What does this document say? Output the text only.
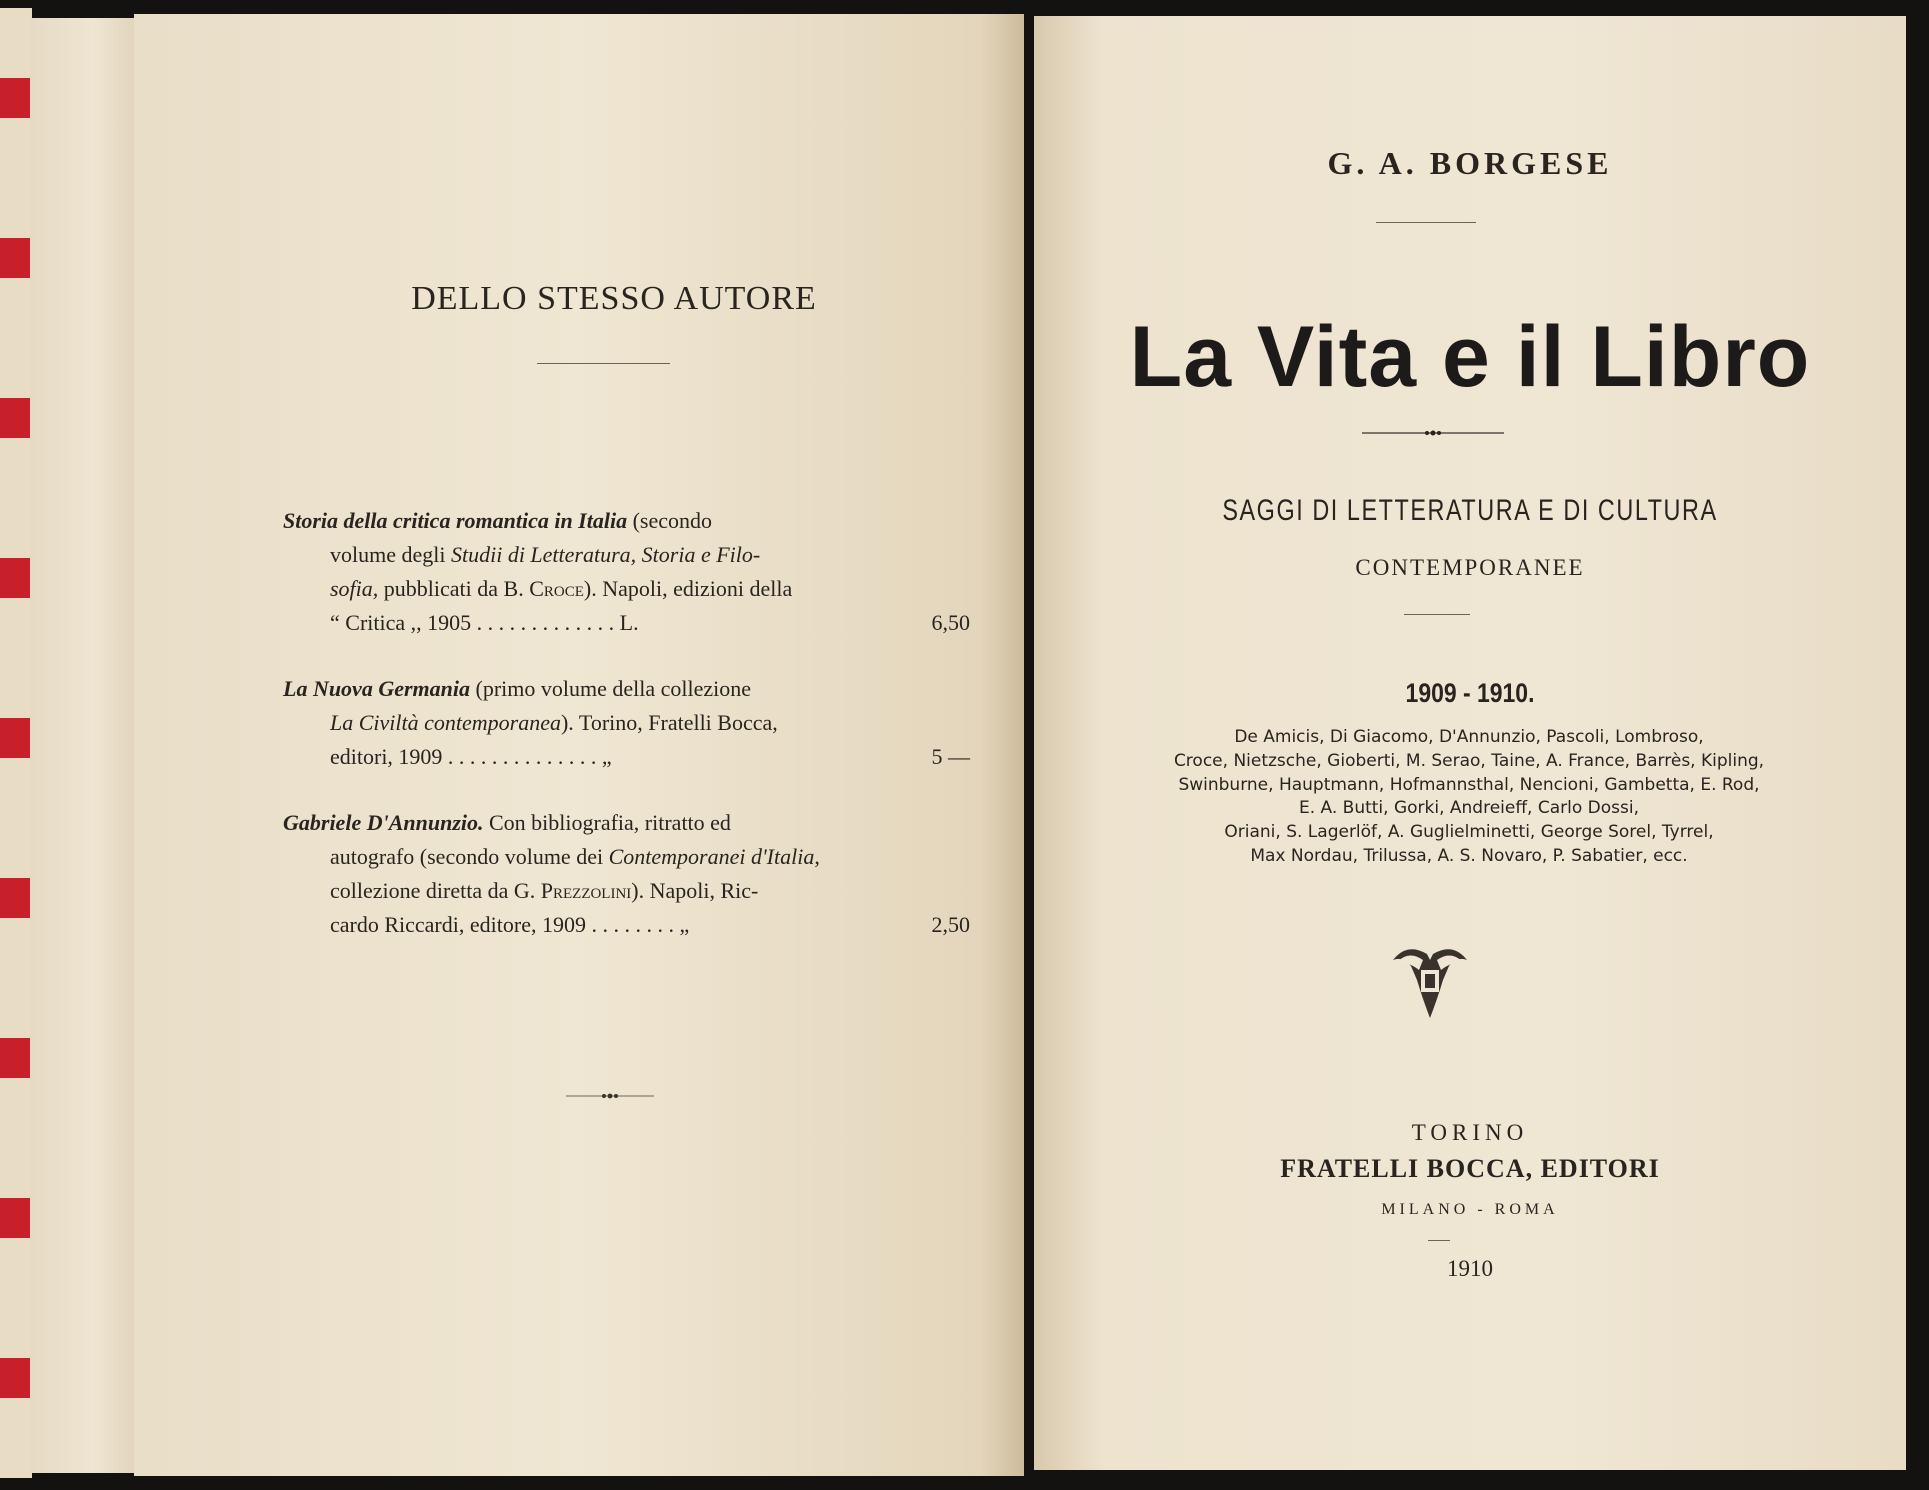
DELLO STESSO AUTORE
Storia della critica romantica in Italia (secondo
volume degli Studii di Letteratura, Storia e Filo-
sofia, pubblicati da B. Croce). Napoli, edizioni della
“ Critica ,, 1905 . . . . . . . . . . . . . L.	6,50
La Nuova Germania (primo volume della collezione
La Civiltà contemporanea). Torino, Fratelli Bocca,
editori, 1909 . . . . . . . . . . . . . . „	5 —
Gabriele D'Annunzio. Con bibliografia, ritratto ed
autografo (secondo volume dei Contemporanei d'Italia,
collezione diretta da G. Prezzolini). Napoli, Ric-
cardo Riccardi, editore, 1909 . . . . . . . . „	2,50
G. A. BORGESE
La Vita e il Libro
SAGGI DI LETTERATURA E DI CULTURA
CONTEMPORANEE
1909 - 1910.
De Amicis, Di Giacomo, D'Annunzio, Pascoli, Lombroso,
Croce, Nietzsche, Gioberti, M. Serao, Taine, A. France, Barrès, Kipling,
Swinburne, Hauptmann, Hofmannsthal, Nencioni, Gambetta, E. Rod,
E. A. Butti, Gorki, Andreieff, Carlo Dossi,
Oriani, S. Lagerlöf, A. Guglielminetti, George Sorel, Tyrrel,
Max Nordau, Trilussa, A. S. Novaro, P. Sabatier, ecc.
TORINO
FRATELLI BOCCA, EDITORI
MILANO - ROMA
1910
